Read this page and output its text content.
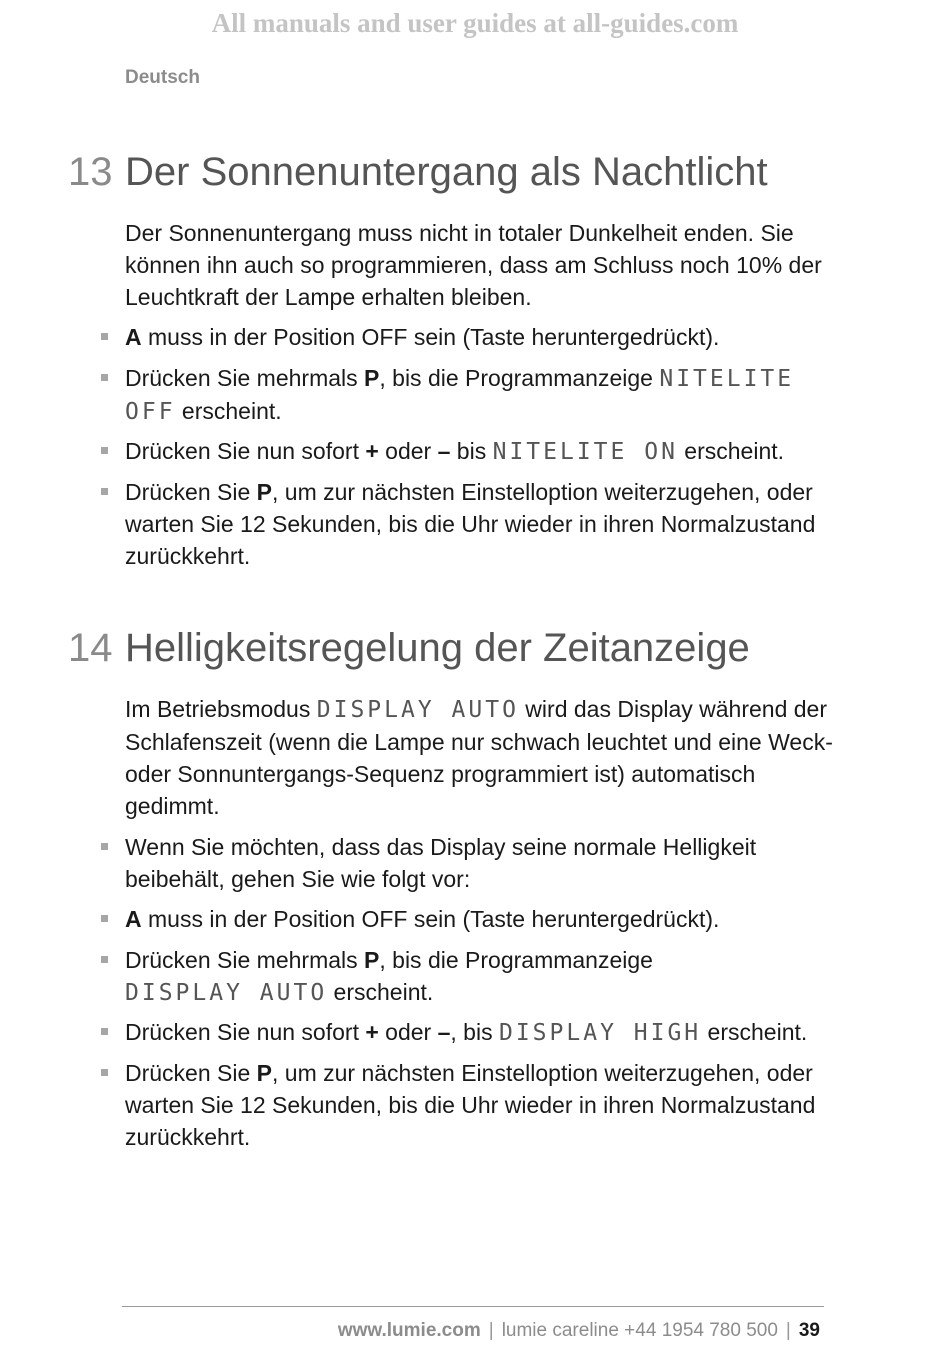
All manuals and user guides at all-guides.com
Deutsch
13 Der Sonnenuntergang als Nachtlicht
Der Sonnenuntergang muss nicht in totaler Dunkelheit enden. Sie können ihn auch so programmieren, dass am Schluss noch 10% der Leuchtkraft der Lampe erhalten bleiben.
A muss in der Position OFF sein (Taste heruntergedrückt).
Drücken Sie mehrmals P, bis die Programmanzeige NITELITE
OFF erscheint.
Drücken Sie nun sofort + oder – bis NITELITE ON erscheint.
Drücken Sie P, um zur nächsten Einstelloption weiterzugehen, oder warten Sie 12 Sekunden, bis die Uhr wieder in ihren Normalzustand zurückkehrt.
14 Helligkeitsregelung der Zeitanzeige
Im Betriebsmodus DISPLAY AUTO wird das Display während der Schlafenszeit (wenn die Lampe nur schwach leuchtet und eine Weck- oder Sonnuntergangs-Sequenz programmiert ist) automatisch gedimmt.
Wenn Sie möchten, dass das Display seine normale Helligkeit beibehält, gehen Sie wie folgt vor:
A muss in der Position OFF sein (Taste heruntergedrückt).
Drücken Sie mehrmals P, bis die Programmanzeige
DISPLAY AUTO erscheint.
Drücken Sie nun sofort + oder –, bis DISPLAY HIGH erscheint.
Drücken Sie P, um zur nächsten Einstelloption weiterzugehen, oder warten Sie 12 Sekunden, bis die Uhr wieder in ihren Normalzustand zurückkehrt.
www.lumie.com | lumie careline +44 1954 780 500 | 39
